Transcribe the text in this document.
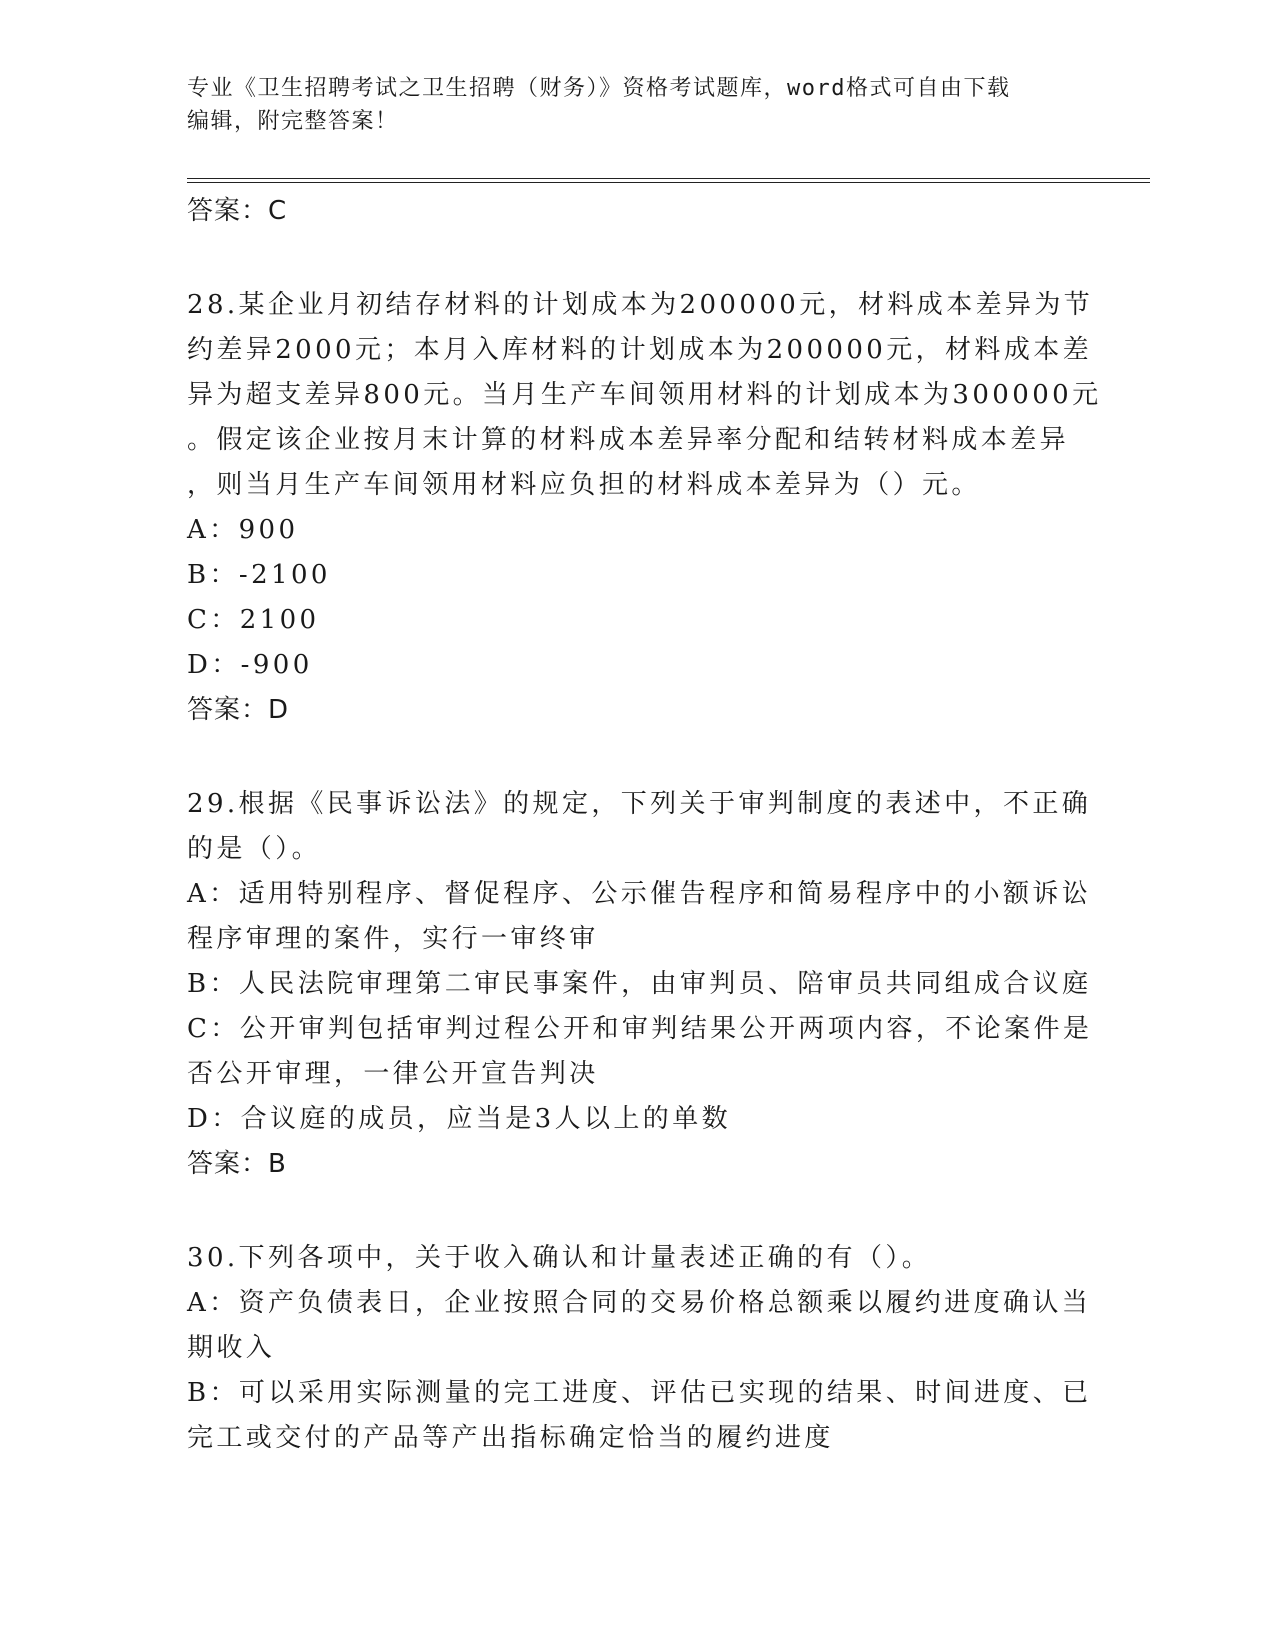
专业《卫生招聘考试之卫生招聘（财务）》资格考试题库，word格式可自由下载
编辑，附完整答案！
答案：C
28.某企业月初结存材料的计划成本为200000元，材料成本差异为节
约差异2000元；本月入库材料的计划成本为200000元，材料成本差
异为超支差异800元。当月生产车间领用材料的计划成本为300000元
。假定该企业按月末计算的材料成本差异率分配和结转材料成本差异
，则当月生产车间领用材料应负担的材料成本差异为（）元。
A：900
B：-2100
C：2100
D：-900
答案：D
29.根据《民事诉讼法》的规定，下列关于审判制度的表述中，不正确
的是（）。
A：适用特别程序、督促程序、公示催告程序和简易程序中的小额诉讼
程序审理的案件，实行一审终审
B：人民法院审理第二审民事案件，由审判员、陪审员共同组成合议庭
C：公开审判包括审判过程公开和审判结果公开两项内容，不论案件是
否公开审理，一律公开宣告判决
D：合议庭的成员，应当是3人以上的单数
答案：B
30.下列各项中，关于收入确认和计量表述正确的有（）。
A：资产负债表日，企业按照合同的交易价格总额乘以履约进度确认当
期收入
B：可以采用实际测量的完工进度、评估已实现的结果、时间进度、已
完工或交付的产品等产出指标确定恰当的履约进度
